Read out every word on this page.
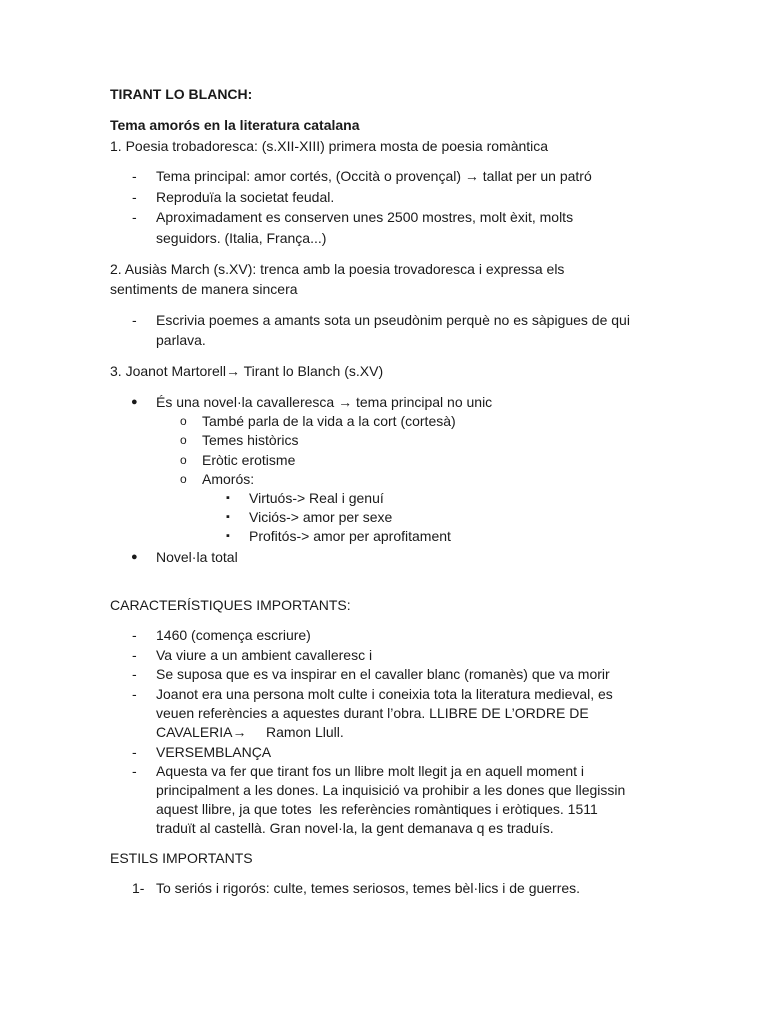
TIRANT LO BLANCH:
Tema amorós en la literatura catalana
1. Poesia trobadoresca: (s.XII-XIII) primera mosta de poesia romàntica
- Tema principal: amor cortés, (Occità o provençal) → tallat per un patró
- Reproduïa la societat feudal.
- Aproximadament es conserven unes 2500 mostres, molt èxit, molts
seguidors. (Italia, França...)
2. Ausiàs March (s.XV): trenca amb la poesia trovadoresca i expressa els
sentiments de manera sincera
- Escrivia poemes a amants sota un pseudònim perquè no es sàpigues de qui
parlava.
3. Joanot Martorell→ Tirant lo Blanch (s.XV)
● És una novel·la cavalleresca → tema principal no unic
o També parla de la vida a la cort (cortesà)
o Temes històrics
o Eròtic erotisme
o Amorós:
▪ Virtuós-> Real i genuí
▪ Viciós-> amor per sexe
▪ Profitós-> amor per aprofitament
● Novel·la total
CARACTERÍSTIQUES IMPORTANTS:
- 1460 (comença escriure)
- Va viure a un ambient cavalleresc i
- Se suposa que es va inspirar en el cavaller blanc (romanès) que va morir
- Joanot era una persona molt culte i coneixia tota la literatura medieval, es
veuen referències a aquestes durant l’obra. LLIBRE DE L’ORDRE DE
CAVALERIA→     Ramon Llull.
- VERSEMBLANÇA
- Aquesta va fer que tirant fos un llibre molt llegit ja en aquell moment i
principalment a les dones. La inquisició va prohibir a les dones que llegissin
aquest llibre, ja que totes  les referències romàntiques i eròtiques. 1511
traduït al castellà. Gran novel·la, la gent demanava q es traduís.
ESTILS IMPORTANTS
1- To seriós i rigorós: culte, temes seriosos, temes bèl·lics i de guerres.
